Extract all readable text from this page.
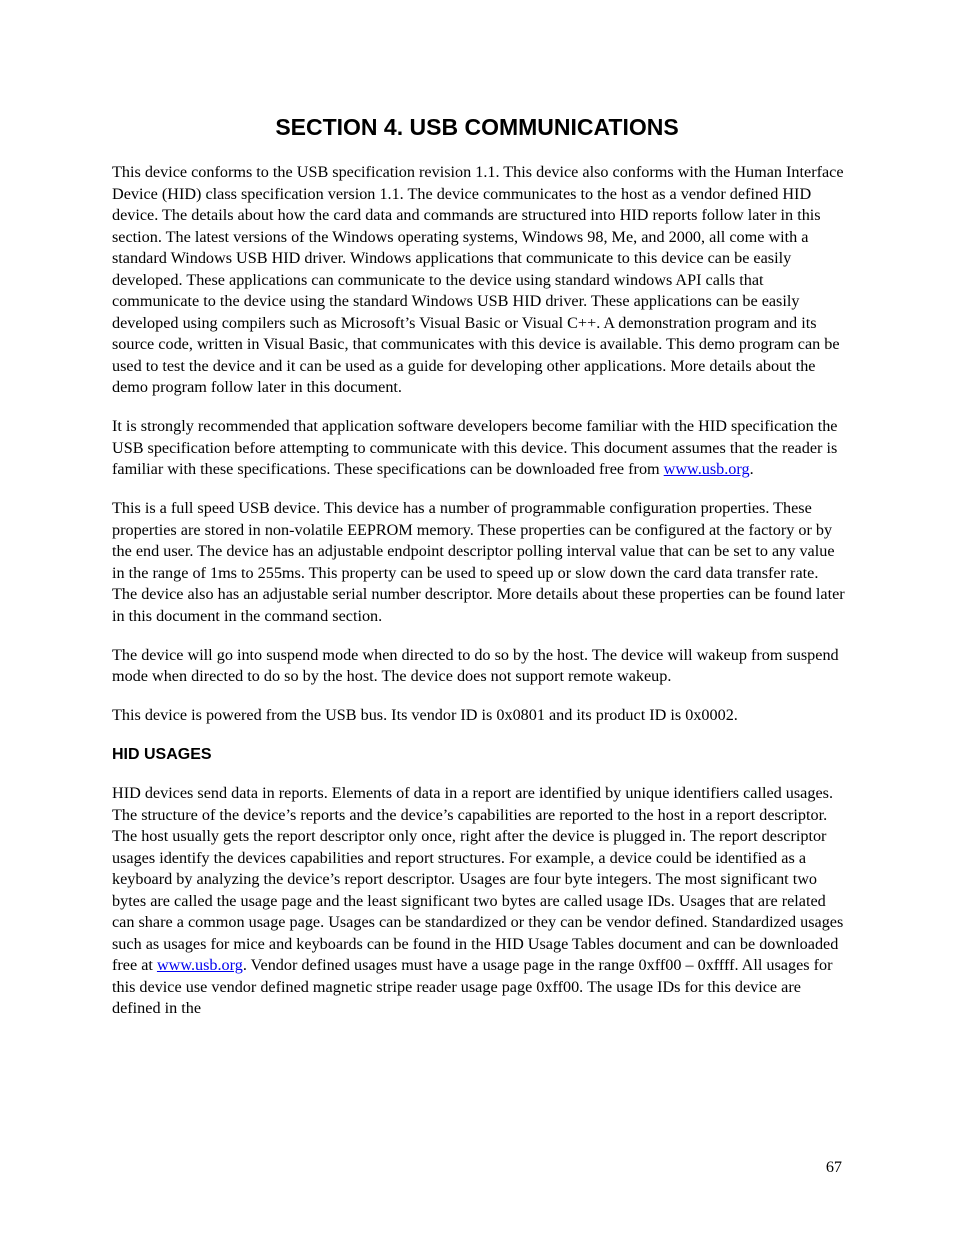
SECTION 4. USB COMMUNICATIONS

This device conforms to the USB specification revision 1.1. This device also conforms with the Human Interface Device (HID) class specification version 1.1. The device communicates to the host as a vendor defined HID device. The details about how the card data and commands are structured into HID reports follow later in this section. The latest versions of the Windows operating systems, Windows 98, Me, and 2000, all come with a standard Windows USB HID driver. Windows applications that communicate to this device can be easily developed. These applications can communicate to the device using standard windows API calls that communicate to the device using the standard Windows USB HID driver. These applications can be easily developed using compilers such as Microsoft’s Visual Basic or Visual C++. A demonstration program and its source code, written in Visual Basic, that communicates with this device is available. This demo program can be used to test the device and it can be used as a guide for developing other applications. More details about the demo program follow later in this document.

It is strongly recommended that application software developers become familiar with the HID specification the USB specification before attempting to communicate with this device. This document assumes that the reader is familiar with these specifications. These specifications can be downloaded free from www.usb.org.

This is a full speed USB device. This device has a number of programmable configuration properties. These properties are stored in non-volatile EEPROM memory. These properties can be configured at the factory or by the end user. The device has an adjustable endpoint descriptor polling interval value that can be set to any value in the range of 1ms to 255ms. This property can be used to speed up or slow down the card data transfer rate. The device also has an adjustable serial number descriptor. More details about these properties can be found later in this document in the command section.

The device will go into suspend mode when directed to do so by the host. The device will wakeup from suspend mode when directed to do so by the host. The device does not support remote wakeup.

This device is powered from the USB bus. Its vendor ID is 0x0801 and its product ID is 0x0002.

HID USAGES

HID devices send data in reports. Elements of data in a report are identified by unique identifiers called usages. The structure of the device’s reports and the device’s capabilities are reported to the host in a report descriptor. The host usually gets the report descriptor only once, right after the device is plugged in. The report descriptor usages identify the devices capabilities and report structures. For example, a device could be identified as a keyboard by analyzing the device’s report descriptor. Usages are four byte integers. The most significant two bytes are called the usage page and the least significant two bytes are called usage IDs. Usages that are related can share a common usage page. Usages can be standardized or they can be vendor defined. Standardized usages such as usages for mice and keyboards can be found in the HID Usage Tables document and can be downloaded free at www.usb.org. Vendor defined usages must have a usage page in the range 0xff00 – 0xffff. All usages for this device use vendor defined magnetic stripe reader usage page 0xff00. The usage IDs for this device are defined in the

67
